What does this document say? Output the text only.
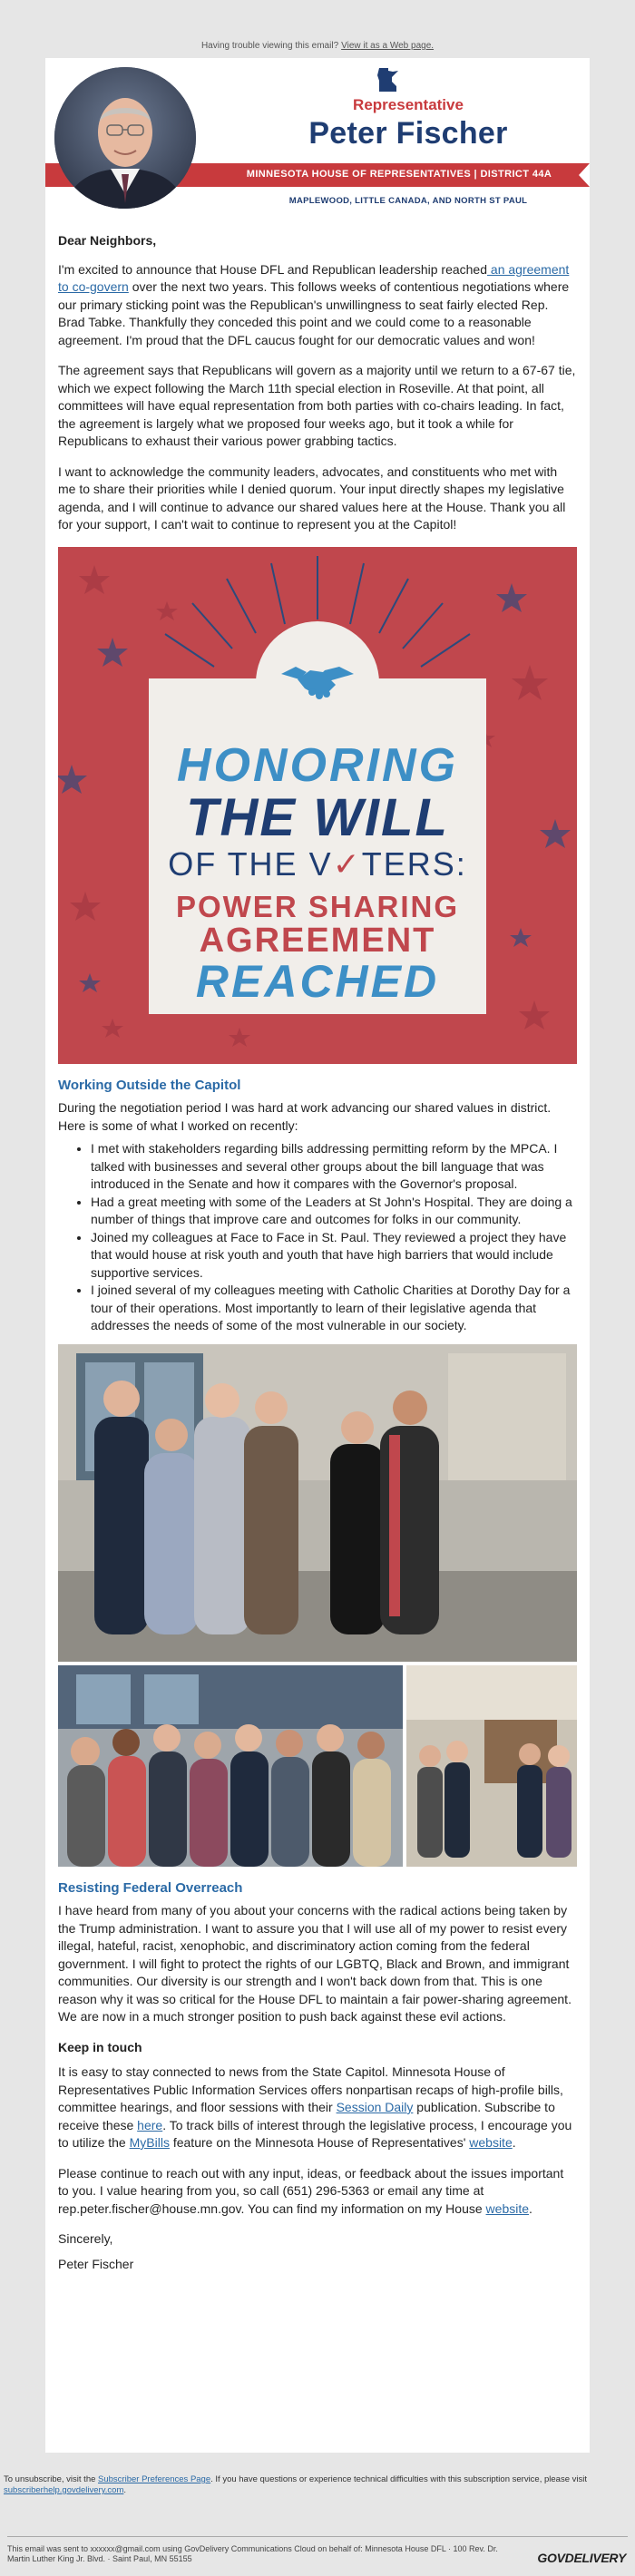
Having trouble viewing this email? View it as a Web page.
Representative
Peter Fischer
MINNESOTA HOUSE OF REPRESENTATIVES | DISTRICT 44A
MAPLEWOOD, LITTLE CANADA, AND NORTH ST PAUL

Dear Neighbors,

I'm excited to announce that House DFL and Republican leadership reached an agreement to co-govern over the next two years. This follows weeks of contentious negotiations where our primary sticking point was the Republican's unwillingness to seat fairly elected Rep. Brad Tabke. Thankfully they conceded this point and we could come to a reasonable agreement. I'm proud that the DFL caucus fought for our democratic values and won!

The agreement says that Republicans will govern as a majority until we return to a 67-67 tie, which we expect following the March 11th special election in Roseville. At that point, all committees will have equal representation from both parties with co-chairs leading. In fact, the agreement is largely what we proposed four weeks ago, but it took a while for Republicans to exhaust their various power grabbing tactics.

I want to acknowledge the community leaders, advocates, and constituents who met with me to share their priorities while I denied quorum. Your input directly shapes my legislative agenda, and I will continue to advance our shared values here at the House. Thank you all for your support, I can't wait to continue to represent you at the Capitol!

HONORING
THE WILL
OF THE V✓TERS:
POWER SHARING
AGREEMENT
REACHED
Working Outside the Capitol

During the negotiation period I was hard at work advancing our shared values in district. Here is some of what I worked on recently:

• I met with stakeholders regarding bills addressing permitting reform by the MPCA. I talked with businesses and several other groups about the bill language that was introduced in the Senate and how it compares with the Governor's proposal.
• Had a great meeting with some of the Leaders at St John's Hospital. They are doing a number of things that improve care and outcomes for folks in our community.
• Joined my colleagues at Face to Face in St. Paul. They reviewed a project they have that would house at risk youth and youth that have high barriers that would include supportive services.
• I joined several of my colleagues meeting with Catholic Charities at Dorothy Day for a tour of their operations. Most importantly to learn of their legislative agenda that addresses the needs of some of the most vulnerable in our society.
Resisting Federal Overreach

I have heard from many of you about your concerns with the radical actions being taken by the Trump administration. I want to assure you that I will use all of my power to resist every illegal, hateful, racist, xenophobic, and discriminatory action coming from the federal government. I will fight to protect the rights of our LGBTQ, Black and Brown, and immigrant communities. Our diversity is our strength and I won't back down from that. This is one reason why it was so critical for the House DFL to maintain a fair power-sharing agreement. We are now in a much stronger position to push back against these evil actions.

Keep in touch

It is easy to stay connected to news from the State Capitol. Minnesota House of Representatives Public Information Services offers nonpartisan recaps of high-profile bills, committee hearings, and floor sessions with their Session Daily publication. Subscribe to receive these here. To track bills of interest through the legislative process, I encourage you to utilize the MyBills feature on the Minnesota House of Representatives' website.

Please continue to reach out with any input, ideas, or feedback about the issues important to you. I value hearing from you, so call (651) 296-5363 or email any time at rep.peter.fischer@house.mn.gov. You can find my information on my House website.

Sincerely,

Peter Fischer

To unsubscribe, visit the Subscriber Preferences Page. If you have questions or experience technical difficulties with this subscription service, please visit subscriberhelp.govdelivery.com.
This email was sent to xxxxxx@gmail.com using GovDelivery Communications Cloud on behalf of: Minnesota House DFL · 100 Rev. Dr. Martin Luther King Jr. Blvd. · Saint Paul, MN 55155	GOVDELIVERY
